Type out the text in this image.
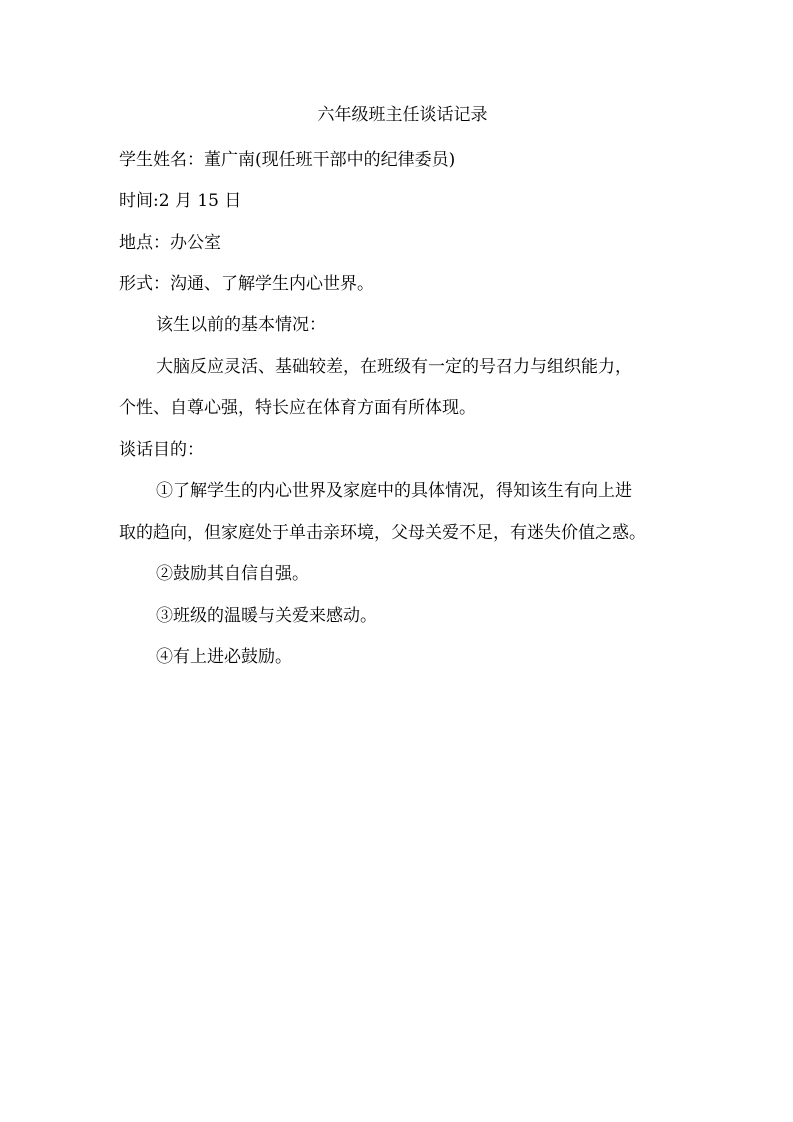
六年级班主任谈话记录
学生姓名：董广南(现任班干部中的纪律委员)
时间:2 月 15 日
地点：办公室
形式：沟通、了解学生内心世界。
该生以前的基本情况：
大脑反应灵活、基础较差，在班级有一定的号召力与组织能力，
个性、自尊心强，特长应在体育方面有所体现。
谈话目的：
①了解学生的内心世界及家庭中的具体情况，得知该生有向上进
取的趋向，但家庭处于单击亲环境，父母关爱不足，有迷失价值之惑。
②鼓励其自信自强。
③班级的温暖与关爱来感动。
④有上进必鼓励。
